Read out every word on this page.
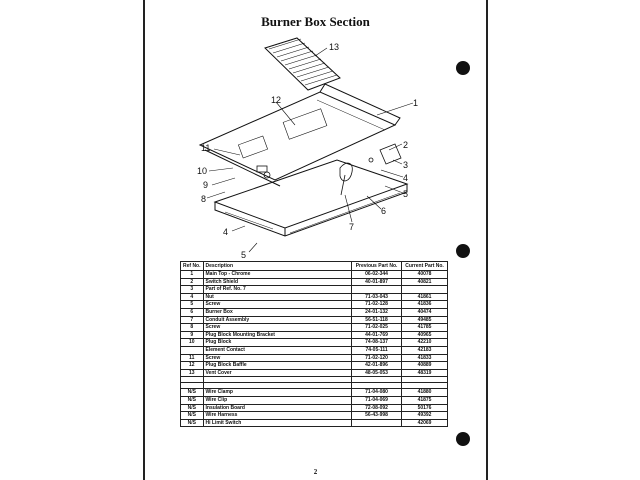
Burner Box Section
1
2
3
4
5
6
7
8
9
10
11
12
13
4
5
Ref No.	Description	Previous Part No.	Current Part No.
1	Main Top - Chrome	06-02-344	40078
2	Switch Shield	40-01-897	40821
3	Part of Ref. No. 7		
4	Nut	71-03-043	41861
5	Screw	71-02-128	41836
6	Burner Box	24-01-132	40474
7	Conduit Assembly	56-51-118	49485
8	Screw	71-02-025	41785
9	Plug Block Mounting Bracket	44-01-769	40965
10	Plug Block	74-08-137	42210
	Element Contact	74-05-111	42183
11	Screw	71-02-120	41833
12	Plug Block Baffle	42-01-896	40889
13	Vent Cover	48-05-053	48319

N/S	Wire Clamp	71-04-080	41880
N/S	Wire Clip	71-04-069	41875
N/S	Insulation Board	72-08-092	50176
N/S	Wire Harness	56-43-998	49392
N/S	Hi Limit Switch		42069
2
